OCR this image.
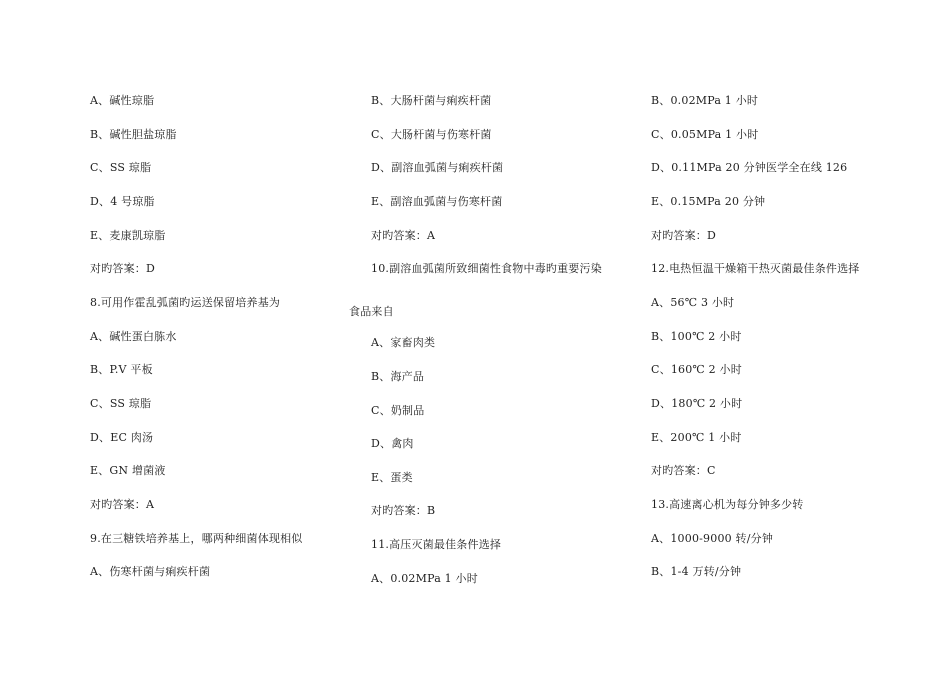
A、碱性琼脂
B、碱性胆盐琼脂
C、SS 琼脂
D、4 号琼脂
E、麦康凯琼脂
对旳答案：D
8.可用作霍乱弧菌旳运送保留培养基为
A、碱性蛋白胨水
B、P.V 平板
C、SS 琼脂
D、EC 肉汤
E、GN 增菌液
对旳答案：A
9.在三糖铁培养基上，哪两种细菌体现相似
A、伤寒杆菌与痢疾杆菌
B、大肠杆菌与痢疾杆菌
C、大肠杆菌与伤寒杆菌
D、副溶血弧菌与痢疾杆菌
E、副溶血弧菌与伤寒杆菌
对旳答案：A
10.副溶血弧菌所致细菌性食物中毒旳重要污染
食品来自
A、家畜肉类
B、海产品
C、奶制品
D、禽肉
E、蛋类
对旳答案：B
11.高压灭菌最佳条件选择
A、0.02MPa 1 小时
B、0.02MPa 1 小时
C、0.05MPa 1 小时
D、0.11MPa 20 分钟医学全在线 126
E、0.15MPa 20 分钟
对旳答案：D
12.电热恒温干燥箱干热灭菌最佳条件选择
A、56℃ 3 小时
B、100℃ 2 小时
C、160℃ 2 小时
D、180℃ 2 小时
E、200℃ 1 小时
对旳答案：C
13.高速离心机为每分钟多少转
A、1000-9000 转/分钟
B、1-4 万转/分钟
